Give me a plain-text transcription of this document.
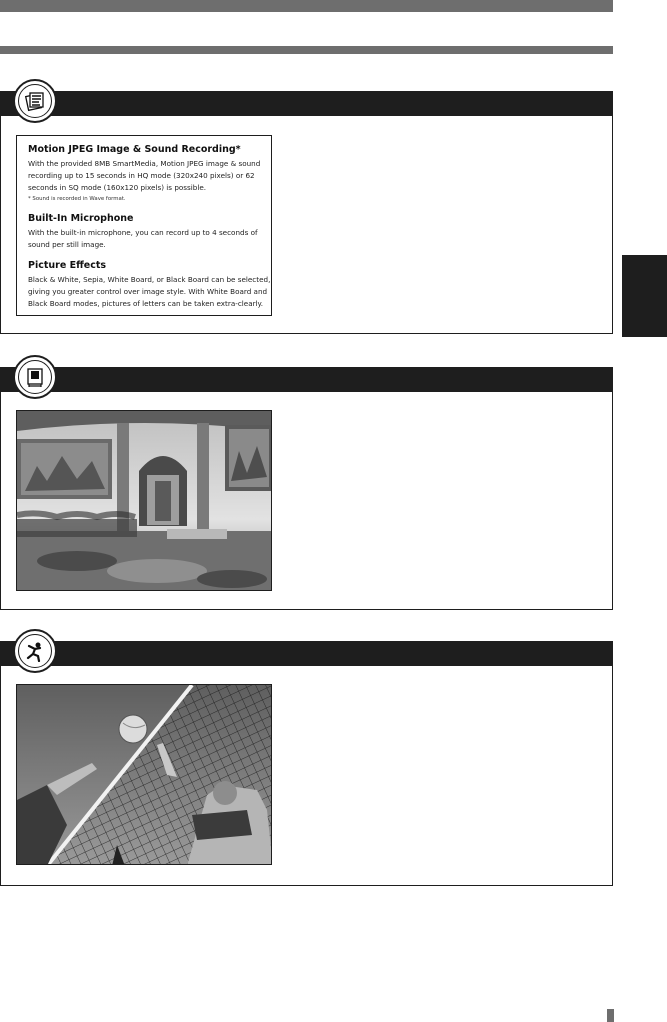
Motion JPEG Image & Sound Recording*

With the provided 8MB SmartMedia, Motion JPEG image & sound

recording up to 15 seconds in HQ mode (320x240 pixels) or 62

seconds in SQ mode (160x120 pixels) is possible.

* Sound is recorded in Wave format.

Built-In Microphone

With the built-in microphone, you can record up to 4 seconds of

sound per still image.

Picture Effects

Black & White, Sepia, White Board, or Black Board can be selected,

giving you greater control over image style. With White Board and

Black Board modes, pictures of letters can be taken extra-clearly.
